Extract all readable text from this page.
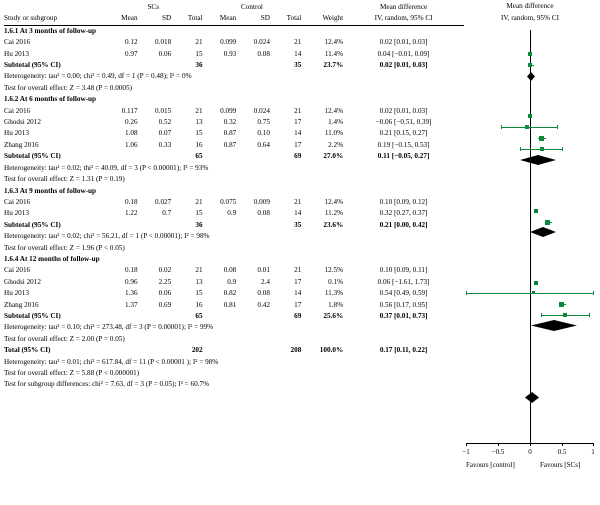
Study or subgroup	SCs			Control			Weight	Mean difference
	Mean	SD	Total	Mean	SD	Total		IV, random, 95% CI
1.6.1 At 3 months of follow-up								
Cai 2016	0.12	0.018	21	0.099	0.024	21	12.4%	0.02 [0.01, 0.03]
Hu 2013	0.97	0.06	15	0.93	0.08	14	11.4%	0.04 [−0.01, 0.09]
Subtotal (95% CI)			36			35	23.7%	0.02 [0.01, 0.03]
Heterogeneity: tau² = 0.00; chi² = 0.49, df = 1 (P = 0.48); I² = 0%								
Test for overall effect: Z = 3.48 (P = 0.0005)								
1.6.2 At 6 months of follow-up								
Cai 2016	0.117	0.015	21	0.099	0.024	21	12.4%	0.02 [0.01, 0.03]
Ghodsi 2012	0.26	0.52	13	0.32	0.75	17	1.4%	−0.06 [−0.51, 0.39]
Hu 2013	1.08	0.07	15	0.87	0.10	14	11.0%	0.21 [0.15, 0.27]
Zhang 2016	1.06	0.33	16	0.87	0.64	17	2.2%	0.19 [−0.15, 0.53]
Subtotal (95% CI)			65			69	27.0%	0.11 [−0.05, 0.27]
Heterogeneity: tau² = 0.02; thi² = 40.09, df = 3 (P < 0.00001); I² = 93%								
Test for overall effect: Z = 1.31 (P = 0.19)								
1.6.3 At 9 months of follow-up								
Cai 2016	0.18	0.027	21	0.075	0.009	21	12.4%	0.10 [0.09, 0.12]
Hu 2013	1.22	0.7	15	0.9	0.08	14	11.2%	0.32 [0.27, 0.37]
Subtotal (95% CI)			36			35	23.6%	0.21 [0.00, 0.42]
Heterogeneity: tau² = 0.02; chi² = 56.21, df = 1 (P < 0.00001); I² = 98%								
Test for overall effect: Z = 1.96 (P < 0.05)								
1.6.4 At 12 months of follow-up								
Cai 2016	0.18	0.02	21	0.08	0.01	21	12.5%	0.10 [0.09, 0.11]
Ghodsi 2012	0.96	2.25	13	0.9	2.4	17	0.1%	0.06 [−1.61, 1.73]
Hu 2013	1.36	0.06	15	0.82	0.08	14	11.3%	0.54 [0.49, 0.59]
Zhang 2016	1.37	0.69	16	0.81	0.42	17	1.8%	0.56 [0.17, 0.95]
Subtotal (95% CI)			65			69	25.6%	0.37 [0.01, 0.73]
Heterogeneity: tau² = 0.10; chi² = 273.48, df = 3 (P = 0.00001); I² = 99%								
Test for overall effect: Z = 2.00 (P = 0.05)								
Total (95% CI)			202			208	100.0%	0.17 [0.11, 0.22]
Heterogeneity: tau² = 0.01; chi² = 617.84, df = 11 (P < 0.00001 ); I² = 98%								
Test for overall effect: Z = 5.88 (P < 0.000001)								
Test for subgroup differences: chi² = 7.63, df = 3 (P = 0.05); I² = 60.7%								
Mean difference
IV, random, 95% CI
−1	−0.5	0	0.5	1
Favours [control]	Favours [SCs]
